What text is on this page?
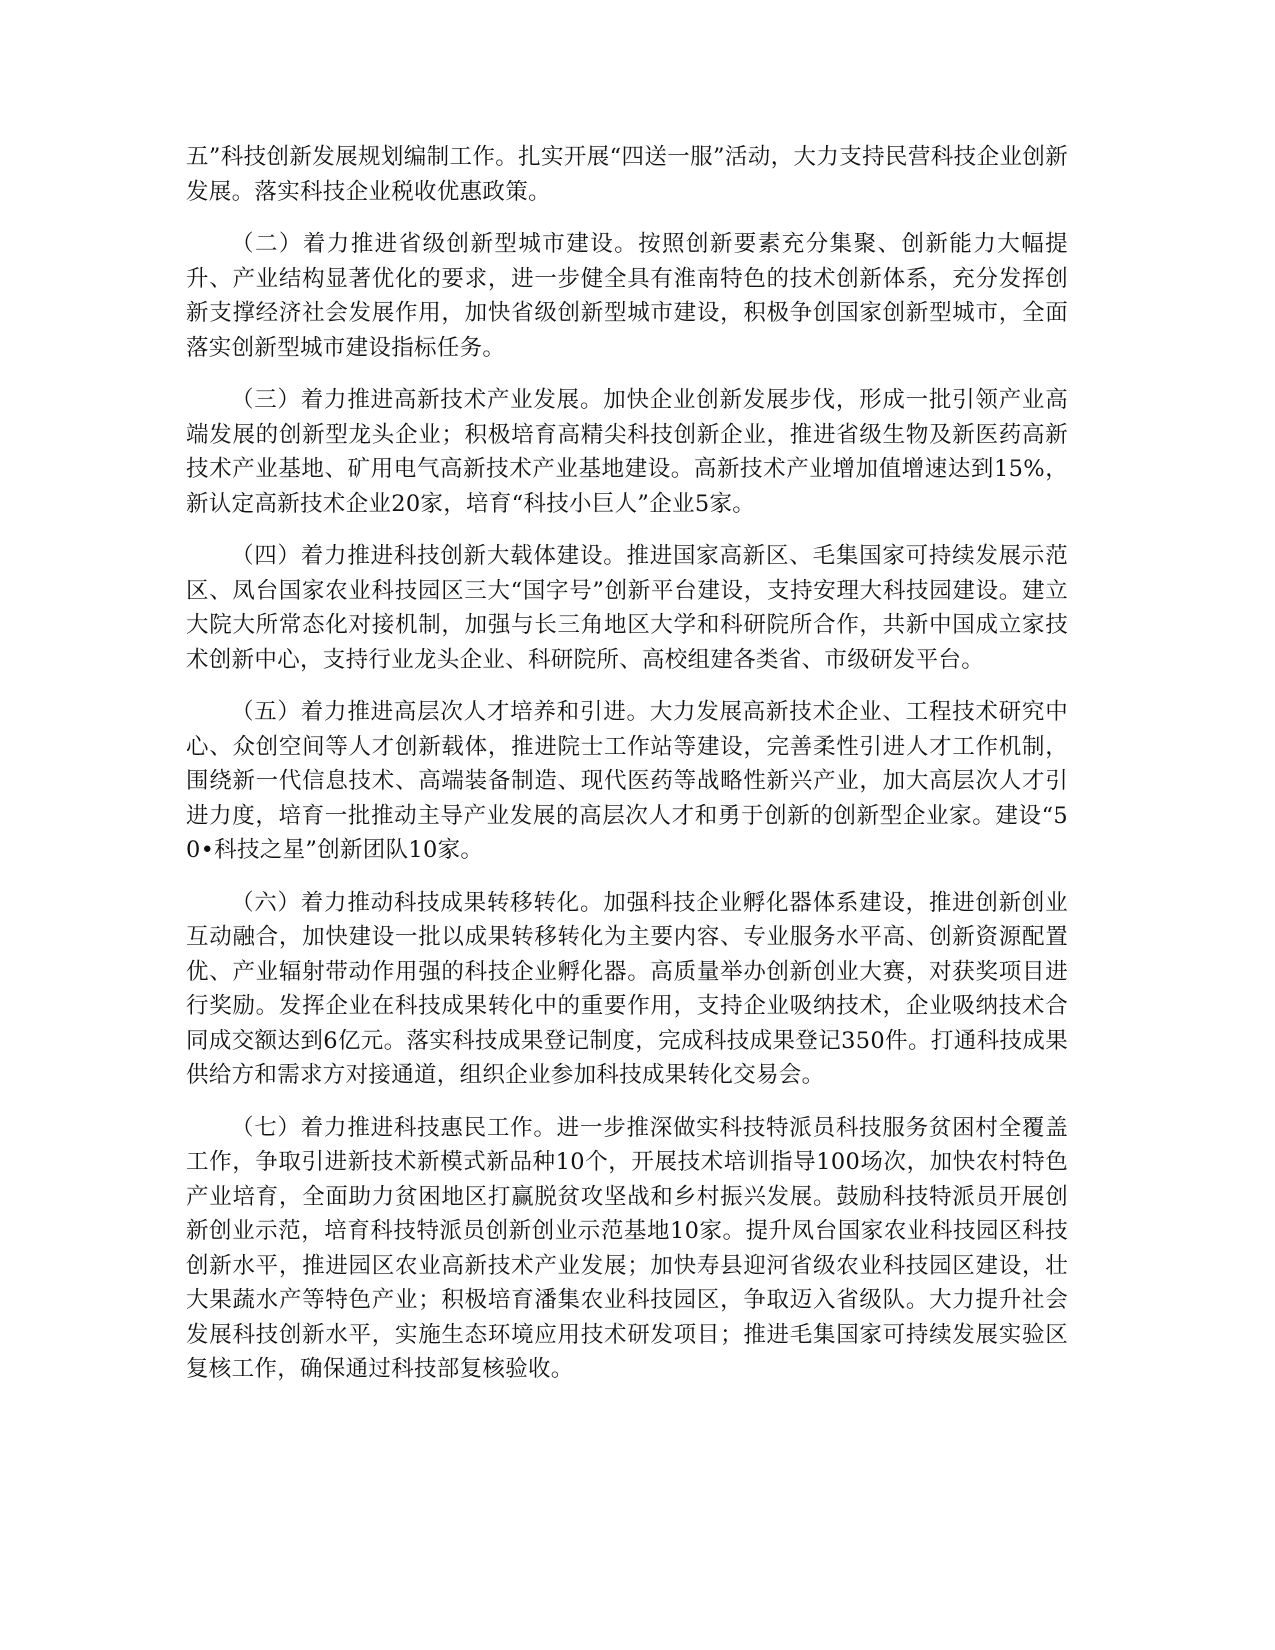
五”科技创新发展规划编制工作。扎实开展“四送一服”活动，大力支持民营科技企业创新发展。落实科技企业税收优惠政策。

（二）着力推进省级创新型城市建设。按照创新要素充分集聚、创新能力大幅提升、产业结构显著优化的要求，进一步健全具有淮南特色的技术创新体系，充分发挥创新支撑经济社会发展作用，加快省级创新型城市建设，积极争创国家创新型城市，全面落实创新型城市建设指标任务。

（三）着力推进高新技术产业发展。加快企业创新发展步伐，形成一批引领产业高端发展的创新型龙头企业；积极培育高精尖科技创新企业，推进省级生物及新医药高新技术产业基地、矿用电气高新技术产业基地建设。高新技术产业增加值增速达到15%，新认定高新技术企业20家，培育“科技小巨人”企业5家。

（四）着力推进科技创新大载体建设。推进国家高新区、毛集国家可持续发展示范区、凤台国家农业科技园区三大“国字号”创新平台建设，支持安理大科技园建设。建立大院大所常态化对接机制，加强与长三角地区大学和科研院所合作，共新中国成立家技术创新中心，支持行业龙头企业、科研院所、高校组建各类省、市级研发平台。

（五）着力推进高层次人才培养和引进。大力发展高新技术企业、工程技术研究中心、众创空间等人才创新载体，推进院士工作站等建设，完善柔性引进人才工作机制，围绕新一代信息技术、高端装备制造、现代医药等战略性新兴产业，加大高层次人才引进力度，培育一批推动主导产业发展的高层次人才和勇于创新的创新型企业家。建设“50•科技之星”创新团队10家。

（六）着力推动科技成果转移转化。加强科技企业孵化器体系建设，推进创新创业互动融合，加快建设一批以成果转移转化为主要内容、专业服务水平高、创新资源配置优、产业辐射带动作用强的科技企业孵化器。高质量举办创新创业大赛，对获奖项目进行奖励。发挥企业在科技成果转化中的重要作用，支持企业吸纳技术，企业吸纳技术合同成交额达到6亿元。落实科技成果登记制度，完成科技成果登记350件。打通科技成果供给方和需求方对接通道，组织企业参加科技成果转化交易会。

（七）着力推进科技惠民工作。进一步推深做实科技特派员科技服务贫困村全覆盖工作，争取引进新技术新模式新品种10个，开展技术培训指导100场次，加快农村特色产业培育，全面助力贫困地区打赢脱贫攻坚战和乡村振兴发展。鼓励科技特派员开展创新创业示范，培育科技特派员创新创业示范基地10家。提升凤台国家农业科技园区科技创新水平，推进园区农业高新技术产业发展；加快寿县迎河省级农业科技园区建设，壮大果蔬水产等特色产业；积极培育潘集农业科技园区，争取迈入省级队。大力提升社会发展科技创新水平，实施生态环境应用技术研发项目；推进毛集国家可持续发展实验区复核工作，确保通过科技部复核验收。
